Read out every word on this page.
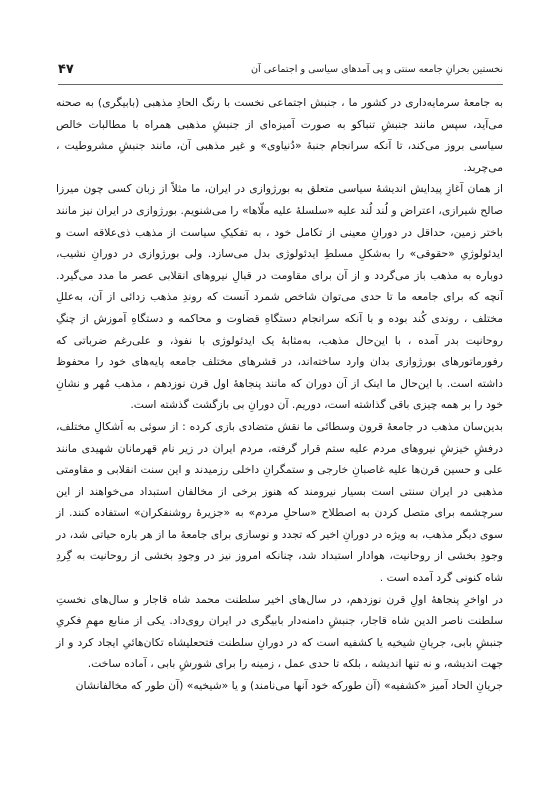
۴۷	نخستین بحرانِ جامعه سنتی و پی آمدهای سیاسی و اجتماعی آن

به جامعهٔ سرمایه‌داری در کشور ما ، جنبش اجتماعی نخست با رنگ الحادِ مذهبی (بابیگری) به صحنه می‌آید، سپس مانند جنبشِ تنباکو به صورت آمیزه‌ای از جنبشِ مذهبی همراه با مطالبات خالص سیاسی بروز می‌کند، تا آنکه سرانجام جنبهٔ «دُنیاوی» و غیر مذهبی آن، مانند جنبشِ مشروطیت ، می‌چربد.

از همان آغازِ پیدایش اندیشهٔ سیاسی متعلق به بورژوازی در ایران، ما مثلاً از زبان کسی چون میرزا صالح شیرازی، اعتراض و لُند لُند علیه «سلسلهٔ علیه ملّاها» را می‌شنویم. بورژوازی در ایران نیز مانند باختر زمین، حداقل در دورانِ معینی از تکامل خود ، به تفکیکِ سیاست از مذهب ذی‌علاقه است و ایدئولوژیِ «حقوقی» را به‌شکلِ مسلطِ ایدئولوژی بدل می‌سازد. ولی بورژوازی در دورانِ نشیب، دوباره به مذهب باز می‌گردد و از آن برای مقاومت در قبالِ نیروهای انقلابی عصر ما مدد می‌گیرد. آنچه که برای جامعه ما تا حدی می‌توان شاخص شمرد آنست که روندِ مذهب زدائی از آن، به‌عللِ مختلف ، روندی کُند بوده و با آنکه سرانجام دستگاهِ قضاوت و محاکمه و دستگاهِ آموزش از چنگِ روحانیت بدر آمده ، با این‌حال مذهب، به‌مثابهٔ یک ایدئولوژی با نفوذ، و علی‌رغم ضرباتی که رفورماتورهای بورژوازی بدان وارد ساخته‌اند، در قشرهای مختلف جامعه پایه‌های خود را محفوظ داشته است. با این‌حال ما اینک از آن دوران که مانند پنجاههٔ اول قرن نوزدهم ، مذهب مُهر و نشانِ خود را بر همه چیزی باقی گذاشته است، دوریم. آن دورانِ بی بازگشت گذشته است.

بدین‌سان مذهب در جامعهٔ قرون وسطائی ما نقش متضادی بازی کرده : از سوئی به اَشکالِ مختلف، درفشِ خیزشِ نیروهای مردم علیه ستم قرار گرفته، مردم ایران در زیر نام قهرمانان شهیدی مانند علی و حسین قرن‌ها علیه غاصبانِ خارجی و ستمگرانِ داخلی رزمیدند و این سنت انقلابی و مقاومتی مذهبی در ایران سنتی است بسیار نیرومند که هنوز برخی از مخالفان استبداد می‌خواهند از این سرچشمه برای متصل کردن به اصطلاح «ساحلِ مردم» به «جزیرهٔ روشنفکران» استفاده کنند. از سوی دیگر مذهب، به ویژه در دورانِ اخیر که تجدد و نوسازی برای جامعهٔ ما از هر باره حیاتی شد، در وجودِ بخشی از روحانیت، هوادار استبداد شد، چنانکه امروز نیز در وجودِ بخشی از روحانیت به گِردِ شاه کنونی گرد آمده است .

در اواخرِ پنجاههٔ اولِ قرن نوزدهم، در سال‌های اخیر سلطنت محمد شاه قاجار و سال‌های نخستِ سلطنت ناصر الدین شاه قاجار، جنبشِ دامنه‌دار بابیگری در ایران روی‌داد. یکی از منابع مهمِ فکریِ جنبشِ بابی، جریانِ شیخیه یا کشفیه است که در دورانِ سلطنت فتحعلیشاه تکان‌هائیِ ایجاد کرد و از جهت اندیشه، و نه تنها اندیشه ، بلکه تا حدی عمل ، زمینه را برای شورشِ بابی ، آماده ساخت.

جریانِ الحاد آمیز «کشفیه» (آن طورکه خود آنها می‌نامند) و یا «شیخیه» (آن طور که مخالفانشان
